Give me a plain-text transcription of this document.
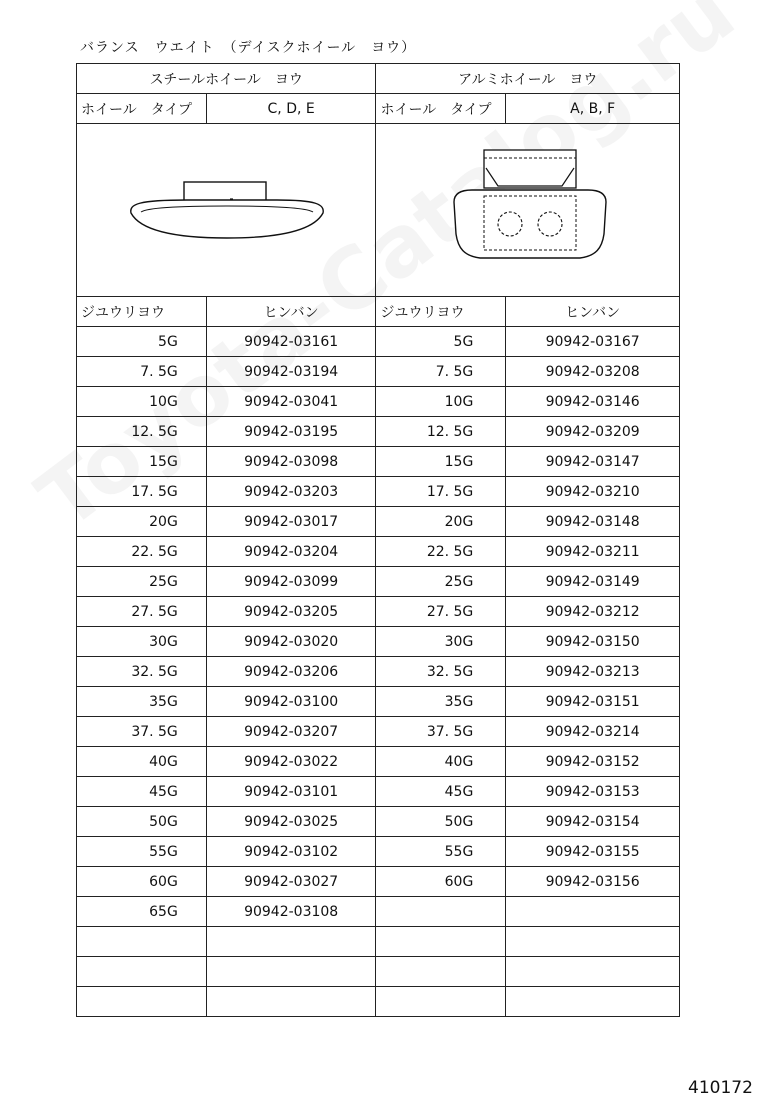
バランス　ウエイト　（デイスクホイール　ヨウ）
スチールホイール　ヨウ		アルミホイール　ヨウ	
ホイール　タイプ	C, D, E	ホイール　タイプ	A, B, F

ジユウリヨウ	ヒンバン	ジユウリヨウ	ヒンバン
5G	90942-03161	5G	90942-03167
7. 5G	90942-03194	7. 5G	90942-03208
10G	90942-03041	10G	90942-03146
12. 5G	90942-03195	12. 5G	90942-03209
15G	90942-03098	15G	90942-03147
17. 5G	90942-03203	17. 5G	90942-03210
20G	90942-03017	20G	90942-03148
22. 5G	90942-03204	22. 5G	90942-03211
25G	90942-03099	25G	90942-03149
27. 5G	90942-03205	27. 5G	90942-03212
30G	90942-03020	30G	90942-03150
32. 5G	90942-03206	32. 5G	90942-03213
35G	90942-03100	35G	90942-03151
37. 5G	90942-03207	37. 5G	90942-03214
40G	90942-03022	40G	90942-03152
45G	90942-03101	45G	90942-03153
50G	90942-03025	50G	90942-03154
55G	90942-03102	55G	90942-03155
60G	90942-03027	60G	90942-03156
65G	90942-03108		

410172
